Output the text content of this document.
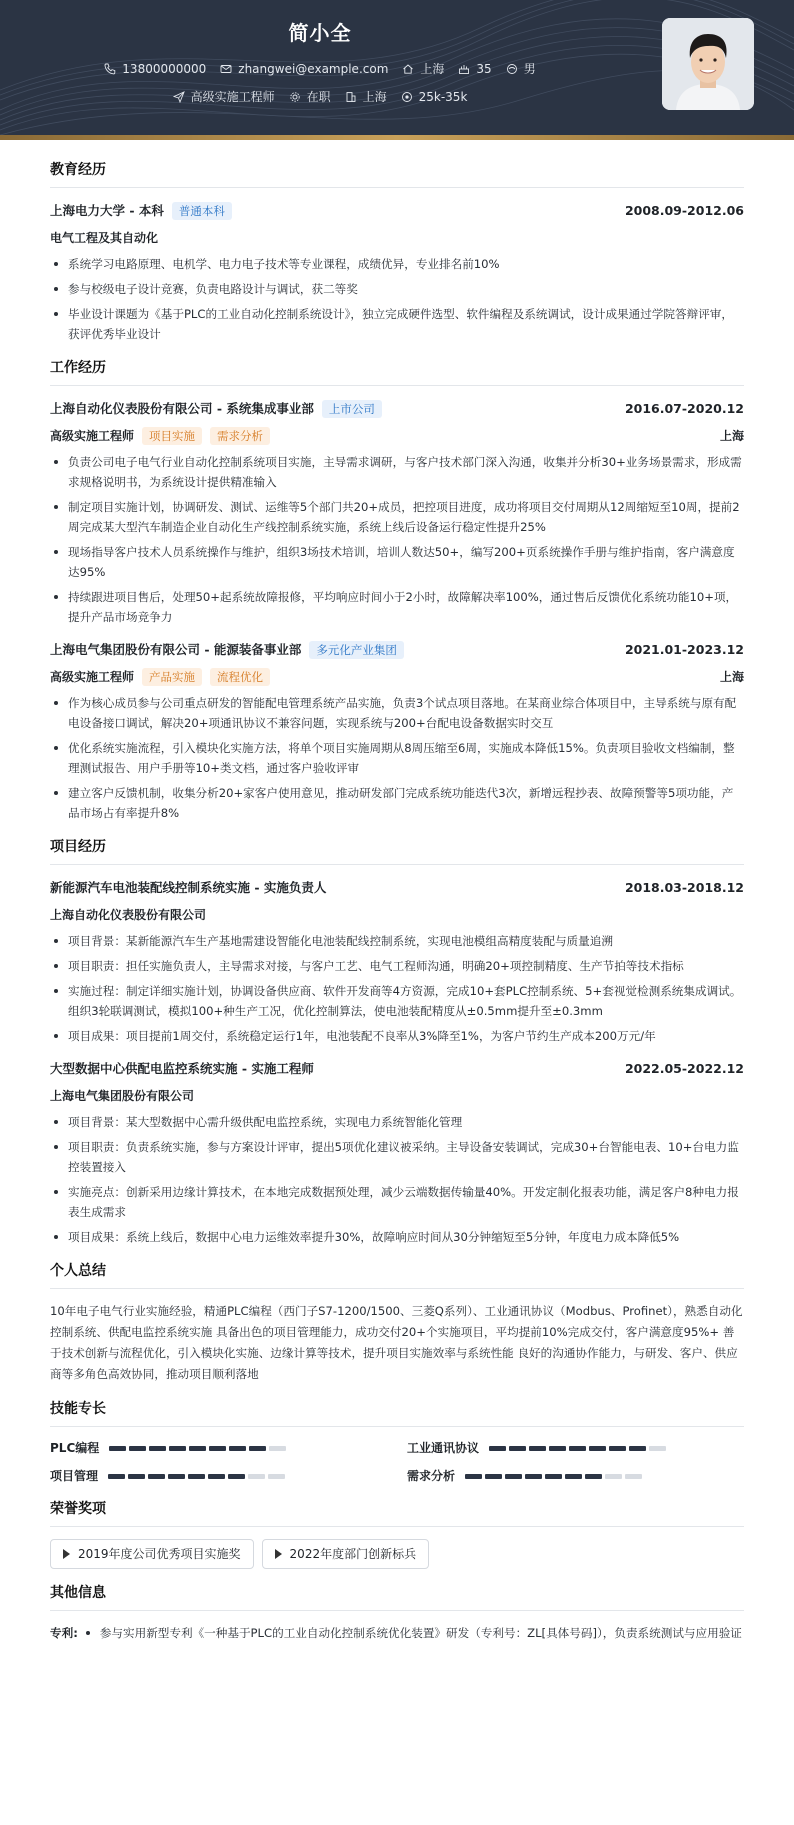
简小全
13800000000	zhangwei@example.com	上海	35	男
高级实施工程师	在职	上海	25k-35k
教育经历
上海电力大学 - 本科	普通本科	2008.09-2012.06
电气工程及其自动化
系统学习电路原理、电机学、电力电子技术等专业课程，成绩优异，专业排名前10%
参与校级电子设计竞赛，负责电路设计与调试，获二等奖
毕业设计课题为《基于PLC的工业自动化控制系统设计》，独立完成硬件选型、软件编程及系统调试，设计成果通过学院答辩评审，获评优秀毕业设计
工作经历
上海自动化仪表股份有限公司 - 系统集成事业部	上市公司	2016.07-2020.12
高级实施工程师	项目实施	需求分析	上海
负责公司电子电气行业自动化控制系统项目实施，主导需求调研，与客户技术部门深入沟通，收集并分析30+业务场景需求，形成需求规格说明书，为系统设计提供精准输入
制定项目实施计划，协调研发、测试、运维等5个部门共20+成员，把控项目进度，成功将项目交付周期从12周缩短至10周，提前2周完成某大型汽车制造企业自动化生产线控制系统实施，系统上线后设备运行稳定性提升25%
现场指导客户技术人员系统操作与维护，组织3场技术培训，培训人数达50+，编写200+页系统操作手册与维护指南，客户满意度达95%
持续跟进项目售后，处理50+起系统故障报修，平均响应时间小于2小时，故障解决率100%，通过售后反馈优化系统功能10+项，提升产品市场竞争力
上海电气集团股份有限公司 - 能源装备事业部	多元化产业集团	2021.01-2023.12
高级实施工程师	产品实施	流程优化	上海
作为核心成员参与公司重点研发的智能配电管理系统产品实施，负责3个试点项目落地。在某商业综合体项目中，主导系统与原有配电设备接口调试，解决20+项通讯协议不兼容问题，实现系统与200+台配电设备数据实时交互
优化系统实施流程，引入模块化实施方法，将单个项目实施周期从8周压缩至6周，实施成本降低15%。负责项目验收文档编制，整理测试报告、用户手册等10+类文档，通过客户验收评审
建立客户反馈机制，收集分析20+家客户使用意见，推动研发部门完成系统功能迭代3次，新增远程抄表、故障预警等5项功能，产品市场占有率提升8%
项目经历
新能源汽车电池装配线控制系统实施 - 实施负责人	2018.03-2018.12
上海自动化仪表股份有限公司
项目背景：某新能源汽车生产基地需建设智能化电池装配线控制系统，实现电池模组高精度装配与质量追溯
项目职责：担任实施负责人，主导需求对接，与客户工艺、电气工程师沟通，明确20+项控制精度、生产节拍等技术指标
实施过程：制定详细实施计划，协调设备供应商、软件开发商等4方资源，完成10+套PLC控制系统、5+套视觉检测系统集成调试。组织3轮联调测试，模拟100+种生产工况，优化控制算法，使电池装配精度从±0.5mm提升至±0.3mm
项目成果：项目提前1周交付，系统稳定运行1年，电池装配不良率从3%降至1%，为客户节约生产成本200万元/年
大型数据中心供配电监控系统实施 - 实施工程师	2022.05-2022.12
上海电气集团股份有限公司
项目背景：某大型数据中心需升级供配电监控系统，实现电力系统智能化管理
项目职责：负责系统实施，参与方案设计评审，提出5项优化建议被采纳。主导设备安装调试，完成30+台智能电表、10+台电力监控装置接入
实施亮点：创新采用边缘计算技术，在本地完成数据预处理，减少云端数据传输量40%。开发定制化报表功能，满足客户8种电力报表生成需求
项目成果：系统上线后，数据中心电力运维效率提升30%，故障响应时间从30分钟缩短至5分钟，年度电力成本降低5%
个人总结
10年电子电气行业实施经验，精通PLC编程（西门子S7-1200/1500、三菱Q系列）、工业通讯协议（Modbus、Profinet），熟悉自动化控制系统、供配电监控系统实施 具备出色的项目管理能力，成功交付20+个实施项目，平均提前10%完成交付，客户满意度95%+ 善于技术创新与流程优化，引入模块化实施、边缘计算等技术，提升项目实施效率与系统性能 良好的沟通协作能力，与研发、客户、供应商等多角色高效协同，推动项目顺利落地
技能专长
PLC编程	工业通讯协议
项目管理	需求分析
荣誉奖项
2019年度公司优秀项目实施奖	2022年度部门创新标兵
其他信息
专利:	参与实用新型专利《一种基于PLC的工业自动化控制系统优化装置》研发（专利号：ZL[具体号码]），负责系统测试与应用验证
